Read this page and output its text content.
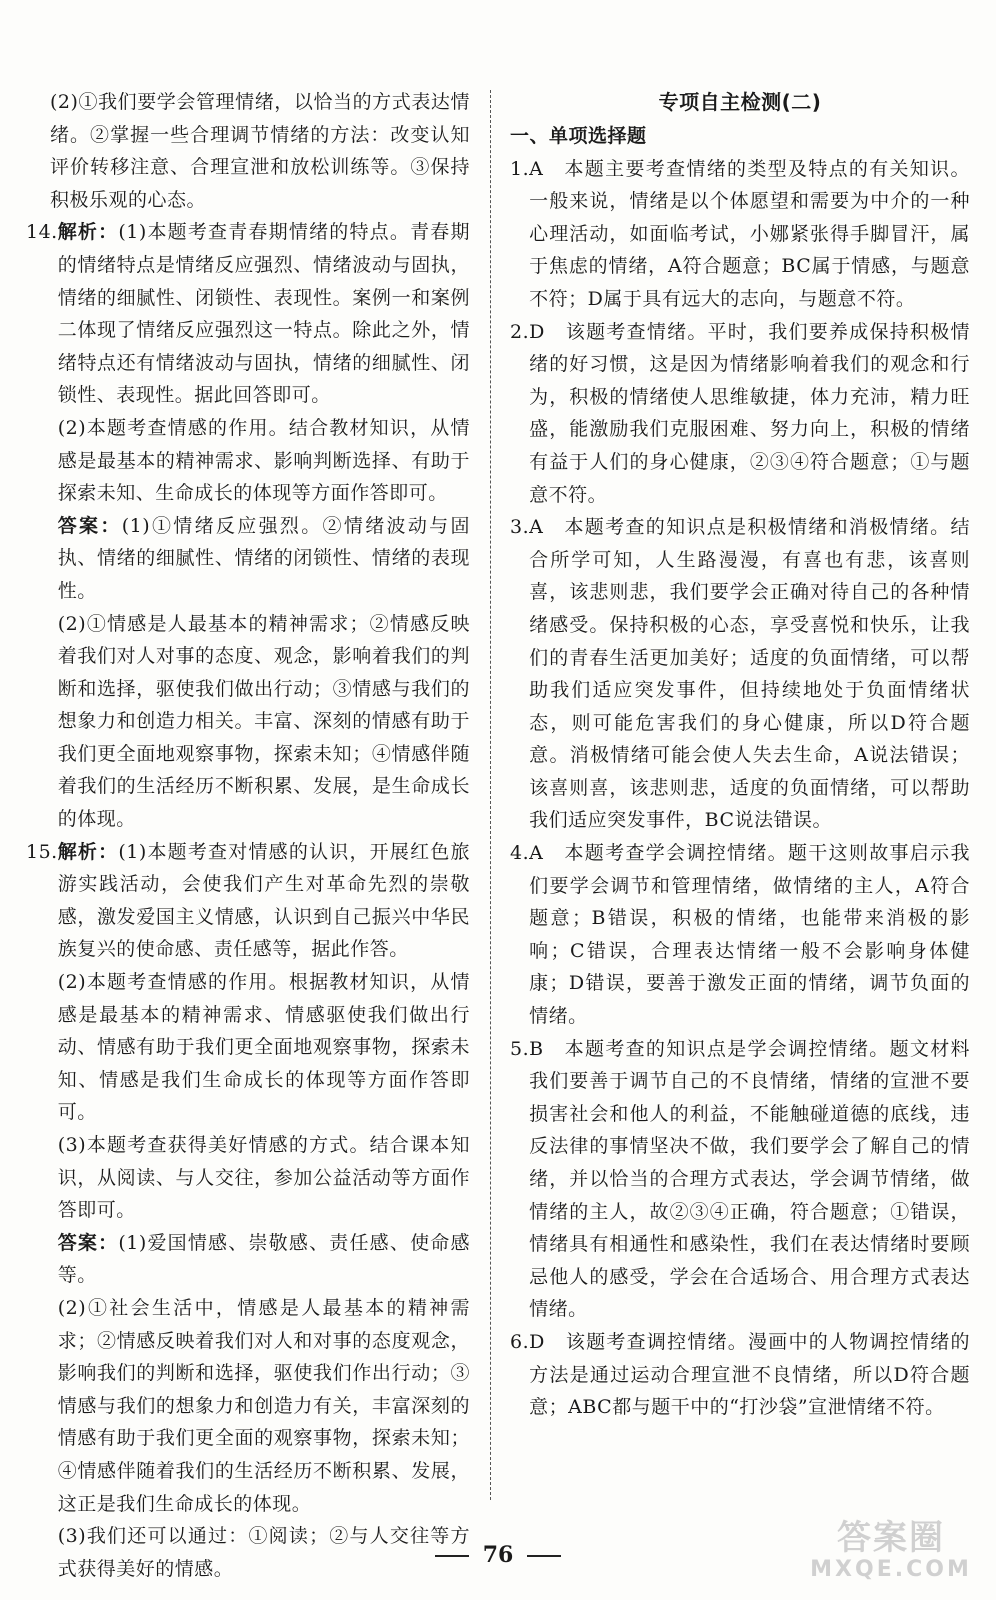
(2)①我们要学会管理情绪，以恰当的方式表达情绪。②掌握一些合理调节情绪的方法：改变认知评价转移注意、合理宣泄和放松训练等。③保持积极乐观的心态。

14. 解析：(1)本题考查青春期情绪的特点。青春期的情绪特点是情绪反应强烈、情绪波动与固执，情绪的细腻性、闭锁性、表现性。案例一和案例二体现了情绪反应强烈这一特点。除此之外，情绪特点还有情绪波动与固执，情绪的细腻性、闭锁性、表现性。据此回答即可。

(2)本题考查情感的作用。结合教材知识，从情感是最基本的精神需求、影响判断选择、有助于探索未知、生命成长的体现等方面作答即可。

答案：(1)①情绪反应强烈。②情绪波动与固执、情绪的细腻性、情绪的闭锁性、情绪的表现性。

(2)①情感是人最基本的精神需求；②情感反映着我们对人对事的态度、观念，影响着我们的判断和选择，驱使我们做出行动；③情感与我们的想象力和创造力相关。丰富、深刻的情感有助于我们更全面地观察事物，探索未知；④情感伴随着我们的生活经历不断积累、发展，是生命成长的体现。

15. 解析：(1)本题考查对情感的认识，开展红色旅游实践活动，会使我们产生对革命先烈的崇敬感，激发爱国主义情感，认识到自己振兴中华民族复兴的使命感、责任感等，据此作答。

(2)本题考查情感的作用。根据教材知识，从情感是最基本的精神需求、情感驱使我们做出行动、情感有助于我们更全面地观察事物，探索未知、情感是我们生命成长的体现等方面作答即可。

(3)本题考查获得美好情感的方式。结合课本知识，从阅读、与人交往，参加公益活动等方面作答即可。

答案：(1)爱国情感、崇敬感、责任感、使命感等。

(2)①社会生活中，情感是人最基本的精神需求；②情感反映着我们对人和对事的态度观念，影响我们的判断和选择，驱使我们作出行动；③情感与我们的想象力和创造力有关，丰富深刻的情感有助于我们更全面的观察事物，探索未知；④情感伴随着我们的生活经历不断积累、发展，这正是我们生命成长的体现。

(3)我们还可以通过：①阅读；②与人交往等方式获得美好的情感。

专项自主检测(二)

一、单项选择题

1. A　本题主要考查情绪的类型及特点的有关知识。一般来说，情绪是以个体愿望和需要为中介的一种心理活动，如面临考试，小娜紧张得手脚冒汗，属于焦虑的情绪，A符合题意；BC属于情感，与题意不符；D属于具有远大的志向，与题意不符。

2. D　该题考查情绪。平时，我们要养成保持积极情绪的好习惯，这是因为情绪影响着我们的观念和行为，积极的情绪使人思维敏捷，体力充沛，精力旺盛，能激励我们克服困难、努力向上，积极的情绪有益于人们的身心健康，②③④符合题意；①与题意不符。

3. A　本题考查的知识点是积极情绪和消极情绪。结合所学可知，人生路漫漫，有喜也有悲，该喜则喜，该悲则悲，我们要学会正确对待自己的各种情绪感受。保持积极的心态，享受喜悦和快乐，让我们的青春生活更加美好；适度的负面情绪，可以帮助我们适应突发事件，但持续地处于负面情绪状态，则可能危害我们的身心健康，所以D符合题意。消极情绪可能会使人失去生命，A说法错误；该喜则喜，该悲则悲，适度的负面情绪，可以帮助我们适应突发事件，BC说法错误。

4. A　本题考查学会调控情绪。题干这则故事启示我们要学会调节和管理情绪，做情绪的主人，A符合题意；B错误，积极的情绪，也能带来消极的影响；C错误，合理表达情绪一般不会影响身体健康；D错误，要善于激发正面的情绪，调节负面的情绪。

5. B　本题考查的知识点是学会调控情绪。题文材料我们要善于调节自己的不良情绪，情绪的宣泄不要损害社会和他人的利益，不能触碰道德的底线，违反法律的事情坚决不做，我们要学会了解自己的情绪，并以恰当的合理方式表达，学会调节情绪，做情绪的主人，故②③④正确，符合题意；①错误，情绪具有相通性和感染性，我们在表达情绪时要顾忌他人的感受，学会在合适场合、用合理方式表达情绪。

6. D　该题考查调控情绪。漫画中的人物调控情绪的方法是通过运动合理宣泄不良情绪，所以D符合题意；ABC都与题干中的“打沙袋”宣泄情绪不符。

76	答案圈
MXQE.COM
